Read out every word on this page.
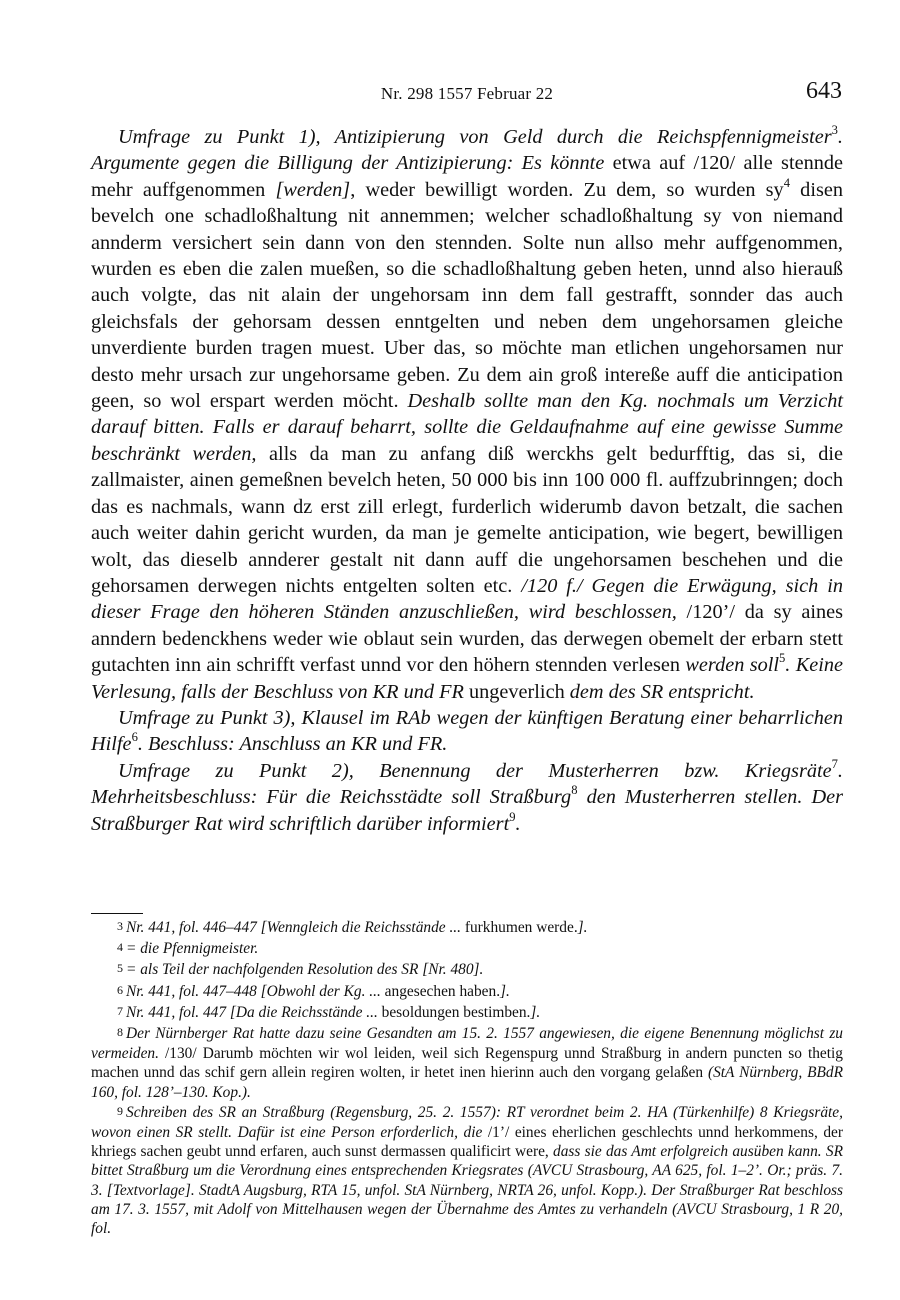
Nr. 298 1557 Februar 22	643

Umfrage zu Punkt 1), Antizipierung von Geld durch die Reichspfennigmeister$^3$. Argumente gegen die Billigung der Antizipierung: Es könnte etwa auf /120/ alle stennde mehr auffgenommen [werden], weder bewilligt worden. Zu dem, so wurden $sy^4$ disen bevelch one schadloßhaltung nit annemmen; welcher schadloßhaltung sy von niemand annderm versichert sein dann von den stennden. Solte nun allso mehr auffgenommen, wurden es eben die zalen mueßen, so die schadloßhaltung geben heten, unnd also hierauß auch volgte, das nit alain der ungehorsam inn dem fall gestrafft, sonnder das auch gleichsfals der gehorsam dessen enntgelten und neben dem ungehorsamen gleiche unverdiente burden tragen muest. Uber das, so möchte man etlichen ungehorsamen nur desto mehr ursach zur ungehorsame geben. Zu dem ain groß intereße auff die anticipation geen, so wol erspart werden möcht. Deshalb sollte man den Kg. nochmals um Verzicht darauf bitten. Falls er darauf beharrt, sollte die Geldaufnahme auf eine gewisse Summe beschränkt werden, alls da man zu anfang diß werckhs gelt bedurfftig, das si, die zallmaister, ainen gemeßnen bevelch heten, 50 000 bis inn 100 000 fl. auffzubrinngen; doch das es nachmals, wann dz erst zill erlegt, furderlich widerumb davon betzalt, die sachen auch weiter dahin gericht wurden, da man je gemelte anticipation, wie begert, bewilligen wolt, das dieselb annderer gestalt nit dann auff die ungehorsamen beschehen und die gehorsamen derwegen nichts entgelten solten etc. /120 f./ Gegen die Erwägung, sich in dieser Frage den höheren Ständen anzuschließen, wird beschlossen, /120’/ da sy aines anndern bedenckhens weder wie oblaut sein wurden, das derwegen obemelt der erbarn stett gutachten inn ain schrifft verfast unnd vor den höhern stennden verlesen werden soll$^5$. Keine Verlesung, falls der Beschluss von KR und FR ungeverlich dem des SR entspricht.

Umfrage zu Punkt 3), Klausel im RAb wegen der künftigen Beratung einer beharrlichen Hilfe$^6$. Beschluss: Anschluss an KR und FR.

Umfrage zu Punkt 2), Benennung der Musterherren bzw. Kriegsräte$^7$. Mehrheitsbeschluss: Für die Reichsstädte soll Straßburg$^8$ den Musterherren stellen. Der Straßburger Rat wird schriftlich darüber informiert$^9$.

3 Nr. 441, fol. 446–447 [Wenngleich die Reichsstände ... furkhumen werde.].

4 = die Pfennigmeister.

5 = als Teil der nachfolgenden Resolution des SR [Nr. 480].

6 Nr. 441, fol. 447–448 [Obwohl der Kg. ... angesechen haben.].

7 Nr. 441, fol. 447 [Da die Reichsstände ... besoldungen bestimben.].

8 Der Nürnberger Rat hatte dazu seine Gesandten am 15. 2. 1557 angewiesen, die eigene Benennung möglichst zu vermeiden. /130/ Darumb möchten wir wol leiden, weil sich Regenspurg unnd Straßburg in andern puncten so thetig machen unnd das schif gern allein regiren wolten, ir hetet inen hierinn auch den vorgang gelaßen (StA Nürnberg, BBdR 160, fol. 128’–130. Kop.).

9 Schreiben des SR an Straßburg (Regensburg, 25. 2. 1557): RT verordnet beim 2. HA (Türkenhilfe) 8 Kriegsräte, wovon einen SR stellt. Dafür ist eine Person erforderlich, die /1’/ eines eherlichen geschlechts unnd herkommens, der khriegs sachen geubt unnd erfaren, auch sunst dermassen qualificirt were, dass sie das Amt erfolgreich ausüben kann. SR bittet Straßburg um die Verordnung eines entsprechenden Kriegsrates (AVCU Strasbourg, AA 625, fol. 1–2’. Or.; präs. 7. 3. [Textvorlage]. StadtA Augsburg, RTA 15, unfol. StA Nürnberg, NRTA 26, unfol. Kopp.). Der Straßburger Rat beschloss am 17. 3. 1557, mit Adolf von Mittelhausen wegen der Übernahme des Amtes zu verhandeln (AVCU Strasbourg, 1 R 20, fol.
